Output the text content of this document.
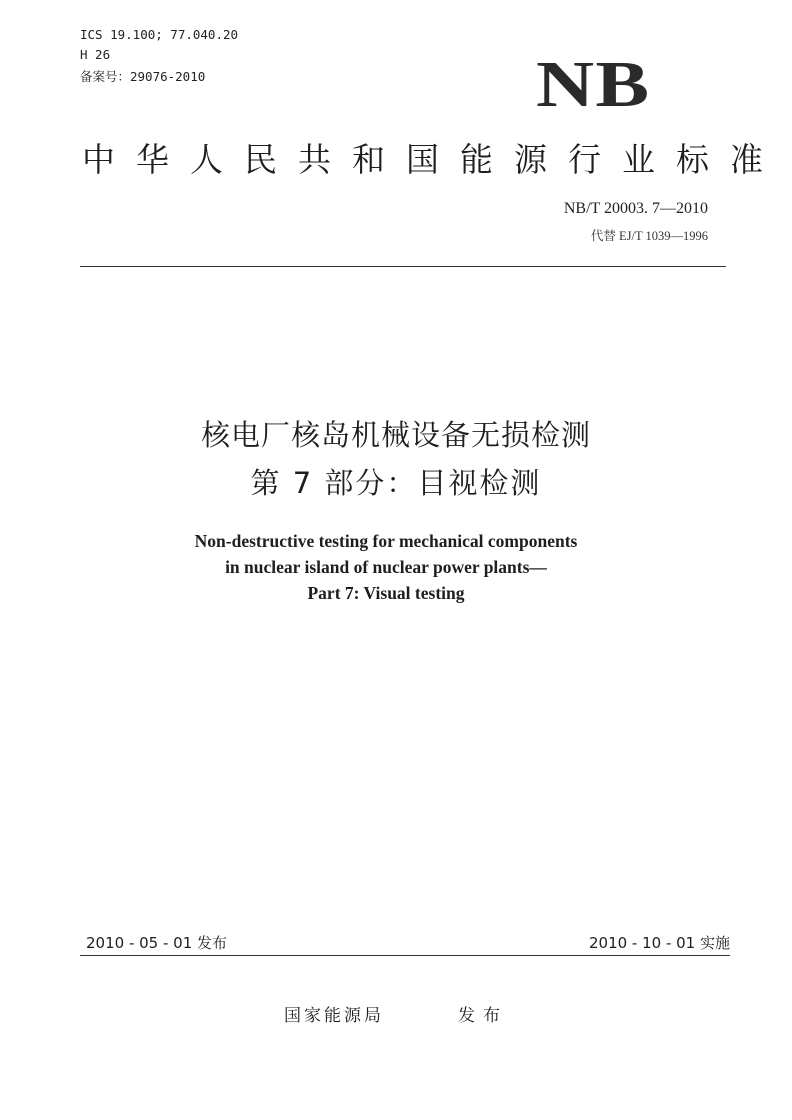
ICS 19.100; 77.040.20
H 26
备案号：29076-2010	NB
中华人民共和国能源行业标准
NB/T 20003. 7—2010
代替 EJ/T 1039—1996
核电厂核岛机械设备无损检测
第 7 部分：目视检测
Non-destructive testing for mechanical components
in nuclear island of nuclear power plants—
Part 7: Visual testing
2010 - 05 - 01 发布	2010 - 10 - 01 实施
国家能源局	发布
